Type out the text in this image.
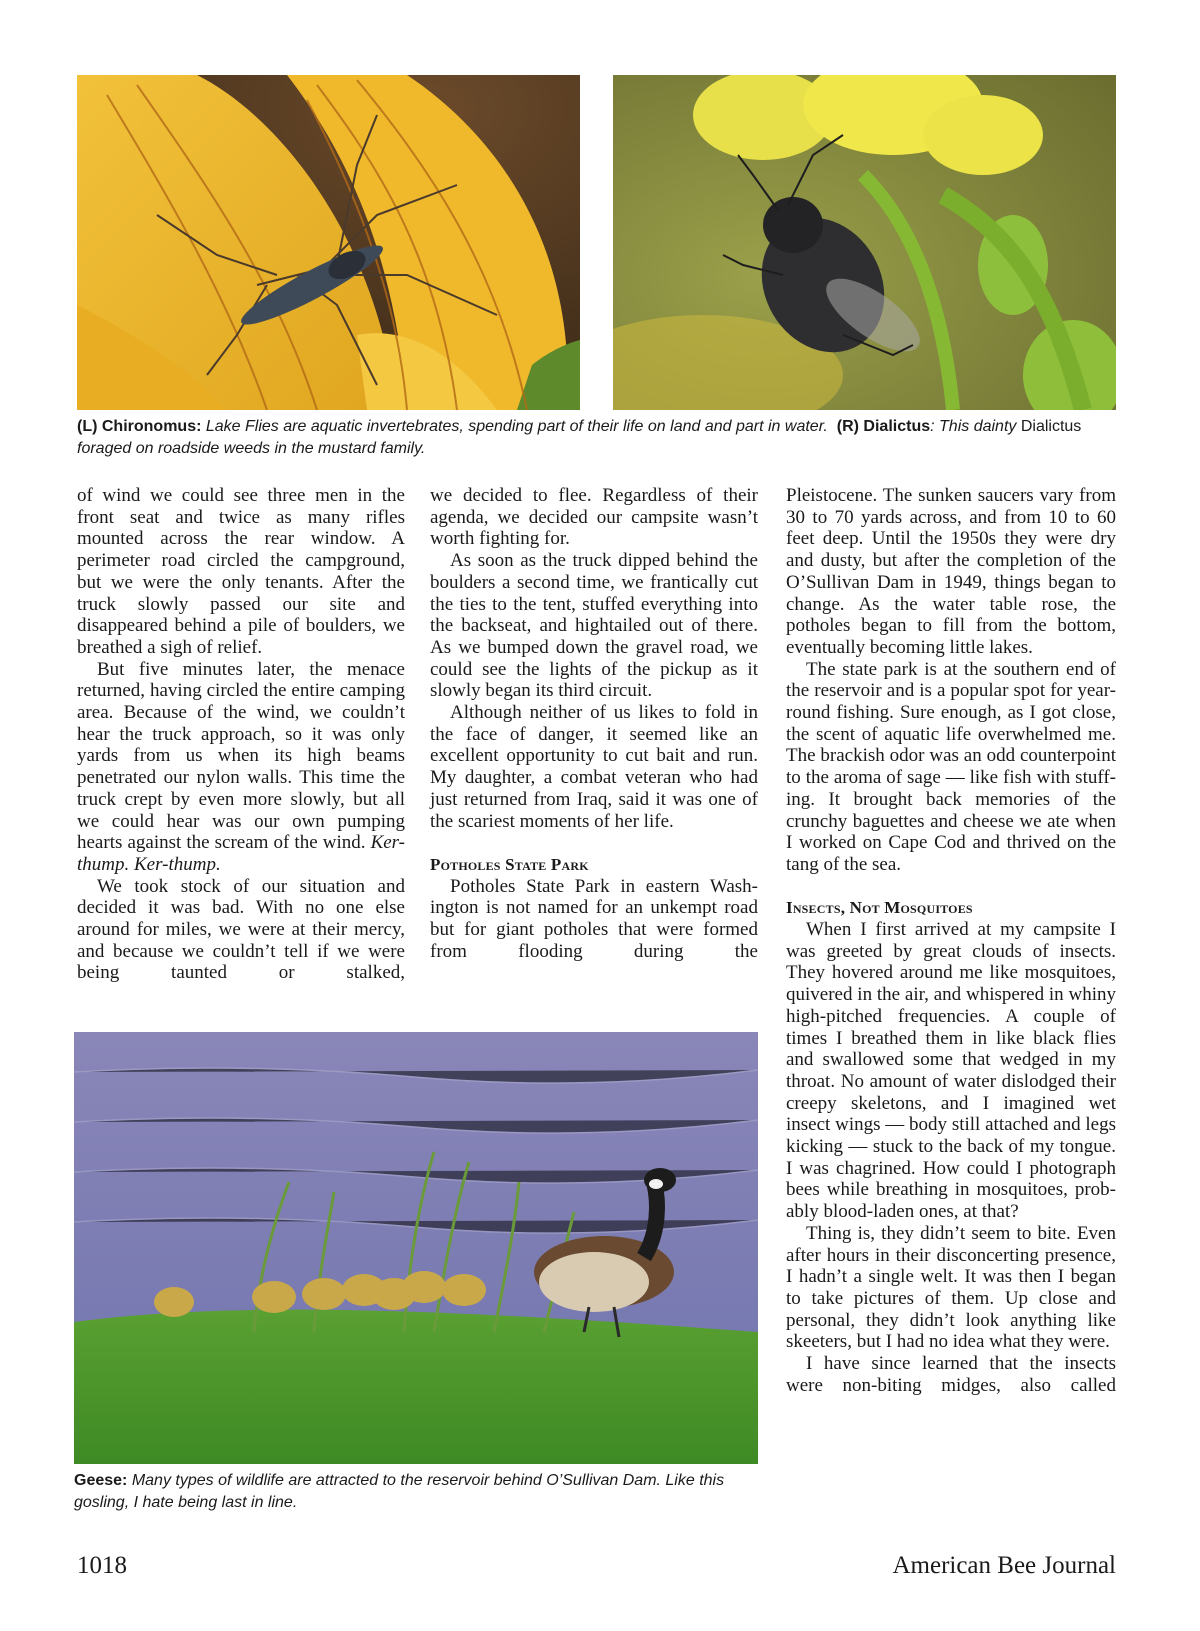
(L) Chironomus: Lake Flies are aquatic invertebrates, spending part of their life on land and part in water. (R) Dialictus: This dainty Dialictus foraged on roadside weeds in the mustard family.

of wind we could see three men in the front seat and twice as many rifles mounted across the rear window. A perimeter road circled the campground, but we were the only tenants. After the truck slowly passed our site and disappeared behind a pile of boulders, we breathed a sigh of relief.

But five minutes later, the menace returned, having circled the entire camping area. Because of the wind, we couldn’t hear the truck approach, so it was only yards from us when its high beams penetrated our nylon walls. This time the truck crept by even more slowly, but all we could hear was our own pumping hearts against the scream of the wind. Ker-thump. Ker-thump.

We took stock of our situation and decided it was bad. With no one else around for miles, we were at their mercy, and because we couldn’t tell if we were being taunted or stalked,

we decided to flee. Regardless of their agenda, we decided our campsite wasn’t worth fighting for.

As soon as the truck dipped behind the boulders a second time, we frantically cut the ties to the tent, stuffed everything into the backseat, and hightailed out of there. As we bumped down the gravel road, we could see the lights of the pickup as it slowly began its third circuit.

Although neither of us likes to fold in the face of danger, it seemed like an excellent opportunity to cut bait and run. My daughter, a combat veteran who had just returned from Iraq, said it was one of the scariest moments of her life.

Potholes State Park

Potholes State Park in eastern Washington is not named for an unkempt road but for giant potholes that were formed from flooding during the

Pleistocene. The sunken saucers vary from 30 to 70 yards across, and from 10 to 60 feet deep. Until the 1950s they were dry and dusty, but after the completion of the O’Sullivan Dam in 1949, things began to change. As the water table rose, the potholes began to fill from the bottom, eventually becoming little lakes.

The state park is at the southern end of the reservoir and is a popular spot for year-round fishing. Sure enough, as I got close, the scent of aquatic life overwhelmed me. The brackish odor was an odd counterpoint to the aroma of sage — like fish with stuffing. It brought back memories of the crunchy baguettes and cheese we ate when I worked on Cape Cod and thrived on the tang of the sea.

Insects, Not Mosquitoes

When I first arrived at my campsite I was greeted by great clouds of insects. They hovered around me like mosquitoes, quivered in the air, and whispered in whiny high-pitched frequencies. A couple of times I breathed them in like black flies and swallowed some that wedged in my throat. No amount of water dislodged their creepy skeletons, and I imagined wet insect wings — body still attached and legs kicking — stuck to the back of my tongue. I was chagrined. How could I photograph bees while breathing in mosquitoes, probably blood-laden ones, at that?

Thing is, they didn’t seem to bite. Even after hours in their disconcerting presence, I hadn’t a single welt. It was then I began to take pictures of them. Up close and personal, they didn’t look anything like skeeters, but I had no idea what they were.

I have since learned that the insects were non-biting midges, also called

Geese: Many types of wildlife are attracted to the reservoir behind O’Sullivan Dam. Like this gosling, I hate being last in line.
1018	American Bee Journal
